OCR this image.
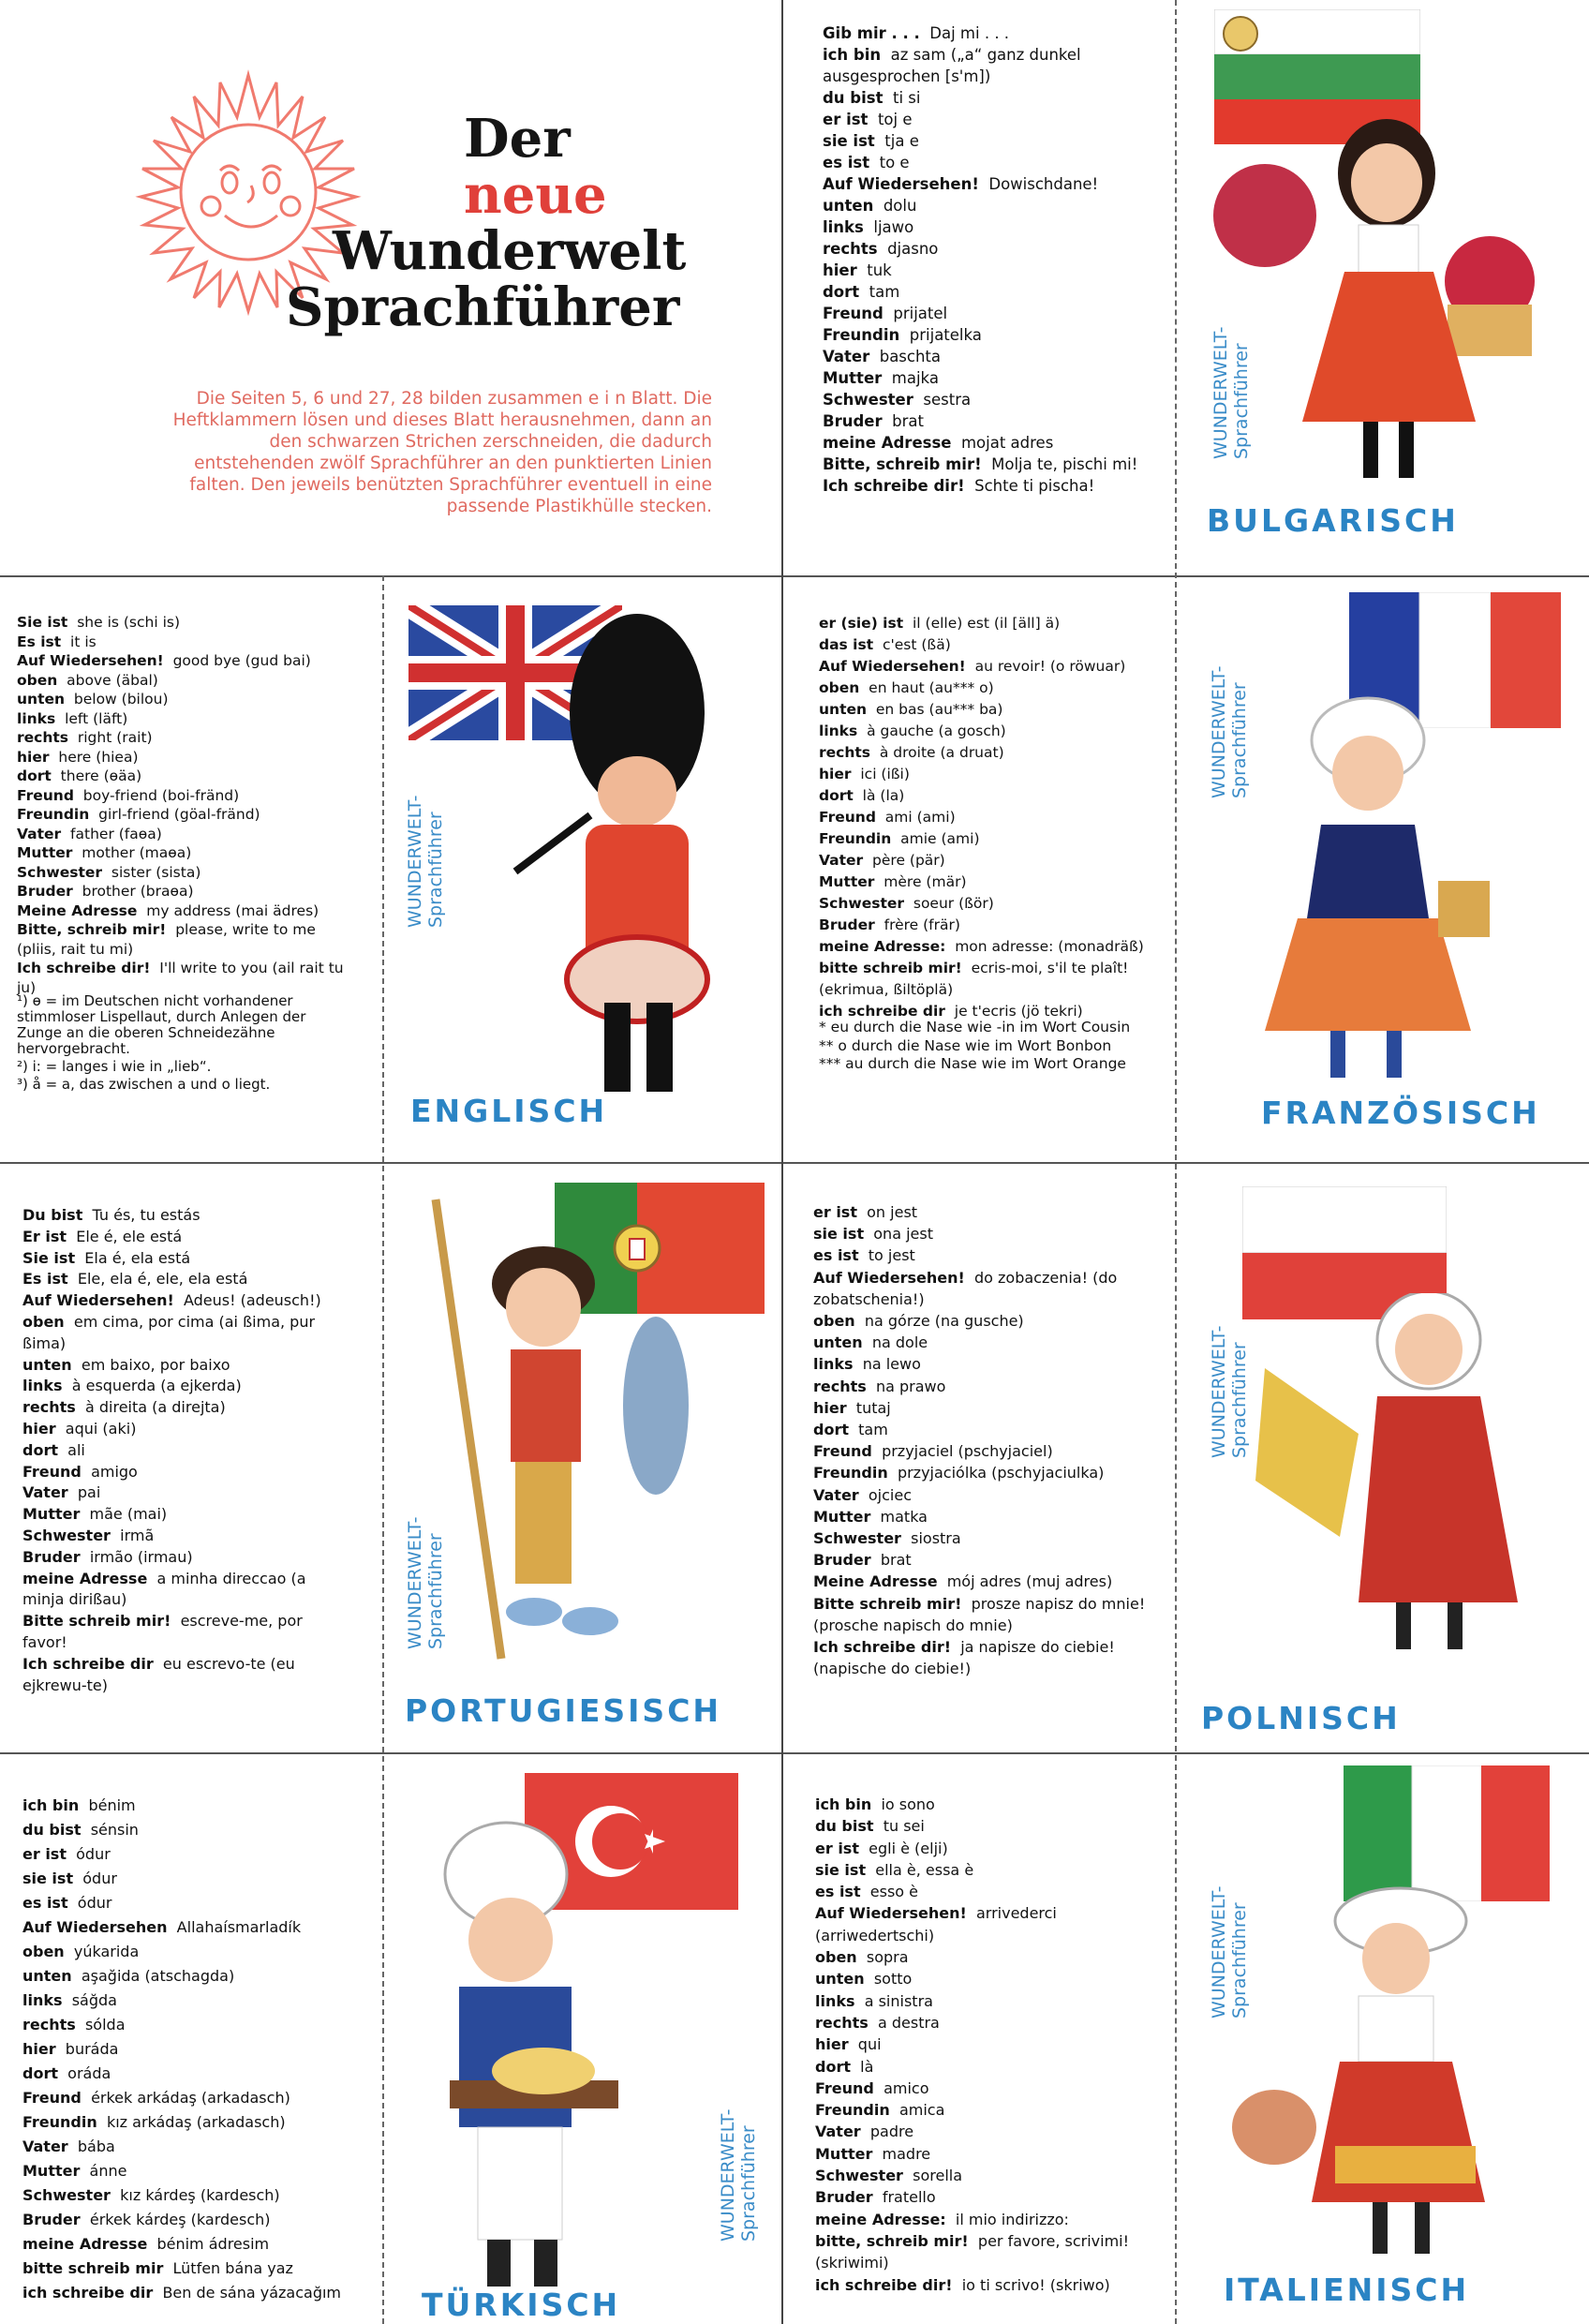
Der
neue
Wunderwelt
Sprachführer
Die Seiten 5, 6 und 27, 28 bilden zusammen e i n Blatt. Die Heftklammern lösen und dieses Blatt herausnehmen, dann an den schwarzen Strichen zerschneiden, die dadurch entstehenden zwölf Sprachführer an den punktierten Linien falten. Den jeweils benützten Sprachführer eventuell in eine passende Plastikhülle stecken.
Gib mir . . . Daj mi . . .
ich bin az sam („a“ ganz dunkel ausgesprochen [s'm])
du bist ti si
er ist toj e
sie ist tja e
es ist to e
Auf Wiedersehen! Dowischdane!
unten dolu
links ljawo
rechts djasno
hier tuk
dort tam
Freund prijatel
Freundin prijatelka
Vater baschta
Mutter majka
Schwester sestra
Bruder brat
meine Adresse mojat adres
Bitte, schreib mir! Molja te, pischi mi!
Ich schreibe dir! Schte ti pischa!
WUNDERWELT- Sprachführer
BULGARISCH
Sie ist she is (schi is)
Es ist it is
Auf Wiedersehen! good bye (gud bai)
oben above (äbal)
unten below (bilou)
links left (läft)
rechts right (rait)
hier here (hiea)
dort there (ɵäa)
Freund boy-friend (boi-frӓnd)
Freundin girl-friend (gӧal-frӓnd)
Vater father (faɵa)
Mutter mother (maɵa)
Schwester sister (sista)
Bruder brother (braɵa)
Meine Adresse my address (mai ädres)
Bitte, schreib mir! please, write to me (pliis, rait tu mi)
Ich schreibe dir! I'll write to you (ail rait tu ju)
¹) ɵ = im Deutschen nicht vorhandener stimmloser Lispellaut, durch Anlegen der Zunge an die oberen Schneidezähne hervorgebracht.
²) i: = langes i wie in „lieb“.
³) å = a, das zwischen a und o liegt.
WUNDERWELT- Sprachführer
ENGLISCH
er (sie) ist il (elle) est (il [äll] ä)
das ist c'est (ßä)
Auf Wiedersehen! au revoir! (o röwuar)
oben en haut (au*** o)
unten en bas (au*** ba)
links à gauche (a gosch)
rechts à droite (a druat)
hier ici (ißi)
dort là (la)
Freund ami (ami)
Freundin amie (ami)
Vater père (pär)
Mutter mère (mär)
Schwester soeur (ßör)
Bruder frère (frär)
meine Adresse: mon adresse: (monadräß)
bitte schreib mir! ecris-moi, s'il te plaît! (ekrimua, ßiltöplä)
ich schreibe dir je t'ecris (jö tekri)
* eu durch die Nase wie -in im Wort Cousin
** o durch die Nase wie im Wort Bonbon
*** au durch die Nase wie im Wort Orange
WUNDERWELT- Sprachführer
FRANZÖSISCH
Du bist Tu és, tu estás
Er ist Ele é, ele está
Sie ist Ela é, ela está
Es ist Ele, ela é, ele, ela está
Auf Wiedersehen! Adeus! (adeusch!)
oben em cima, por cima (ai ßima, pur ßima)
unten em baixo, por baixo
links à esquerda (a ejkerda)
rechts à direita (a direjta)
hier aqui (aki)
dort ali
Freund amigo
Vater pai
Mutter mãe (mai)
Schwester irmã
Bruder irmão (irmau)
meine Adresse a minha direccao (a minja dirißau)
Bitte schreib mir! escreve-me, por favor!
Ich schreibe dir eu escrevo-te (eu ejkrewu-te)
WUNDERWELT- Sprachführer
PORTUGIESISCH
er ist on jest
sie ist ona jest
es ist to jest
Auf Wiedersehen! do zobaczenia! (do zobatschenia!)
oben na górze (na gusche)
unten na dole
links na lewo
rechts na prawo
hier tutaj
dort tam
Freund przyjaciel (pschyjaciel)
Freundin przyjaciólka (pschyjaciulka)
Vater ojciec
Mutter matka
Schwester siostra
Bruder brat
Meine Adresse mój adres (muj adres)
Bitte schreib mir! prosze napisz do mnie! (prosche napisch do mnie)
Ich schreibe dir! ja napisze do ciebie! (napische do ciebie!)
WUNDERWELT- Sprachführer
POLNISCH
ich bin bénim
du bist sénsin
er ist ódur
sie ist ódur
es ist ódur
Auf Wiedersehen Allahaísmarladík
oben yúkarida
unten aşağida (atschagda)
links sáğda
rechts sólda
hier burádа
dort oráda
Freund érkek arkádaş (arkadasch)
Freundin kız arkádaş (arkadasch)
Vater bába
Mutter ánne
Schwester kız kárdeş (kardesch)
Bruder érkek kárdeş (kardesch)
meine Adresse bénim ádresim
bitte schreib mir Lütfen bána yaz
ich schreibe dir Ben de sána yázacağım
WUNDERWELT- Sprachführer
TÜRKISCH
ich bin io sono
du bist tu sei
er ist egli è (eljі)
sie ist ella è, essa è
es ist esso è
Auf Wiedersehen! arrivederci (arriwedertschi)
oben sopra
unten sotto
links a sinistra
rechts a destra
hier qui
dort là
Freund amico
Freundin amica
Vater padre
Mutter madre
Schwester sorella
Bruder fratello
meine Adresse: il mio indirizzo:
bitte, schreib mir! per favore, scrivimi! (skriwimi)
ich schreibe dir! io ti scrivo! (skriwo)
WUNDERWELT- Sprachführer
ITALIENISCH
